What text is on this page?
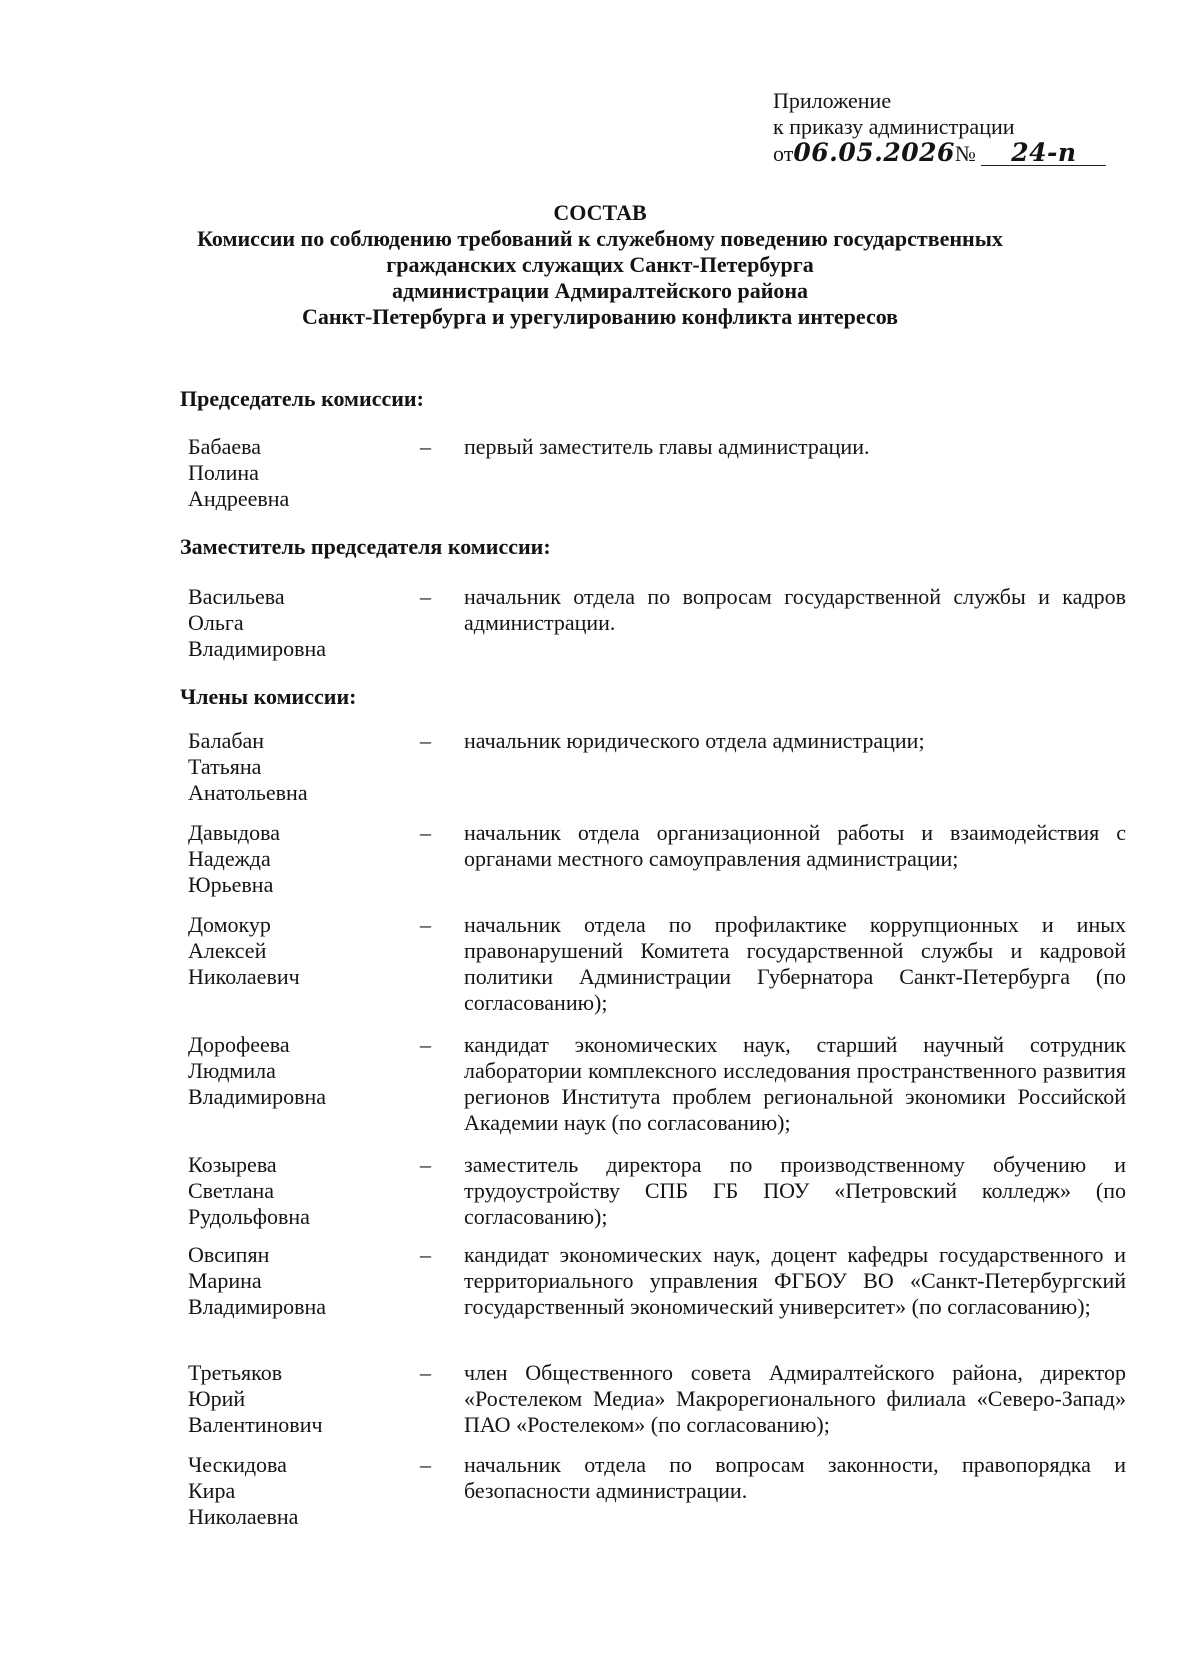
Приложение
к приказу администрации
от06.05.2026№ 24-п
СОСТАВ
Комиссии по соблюдению требований к служебному поведению государственных
гражданских служащих Санкт-Петербурга
администрации Адмиралтейского района
Санкт-Петербурга и урегулированию конфликта интересов
Председатель комиссии:
Бабаева
Полина
Андреевна
–	первый заместитель главы администрации.
Заместитель председателя комиссии:
Васильева
Ольга
Владимировна
–	начальник отдела по вопросам государственной службы и кадров администрации.
Члены комиссии:
Балабан
Татьяна
Анатольевна
–	начальник юридического отдела администрации;
Давыдова
Надежда
Юрьевна
–	начальник отдела организационной работы и взаимодействия с органами местного самоуправления администрации;
Домокур
Алексей
Николаевич
–	начальник отдела по профилактике коррупционных и иных правонарушений Комитета государственной службы и кадровой политики Администрации Губернатора Санкт-Петербурга (по согласованию);
Дорофеева
Людмила
Владимировна
–	кандидат экономических наук, старший научный сотрудник лаборатории комплексного исследования пространственного развития регионов Института проблем региональной экономики Российской Академии наук (по согласованию);
Козырева
Светлана
Рудольфовна
–	заместитель директора по производственному обучению и трудоустройству СПБ ГБ ПОУ «Петровский колледж» (по согласованию);
Овсипян
Марина
Владимировна
–	кандидат экономических наук, доцент кафедры государственного и территориального управления ФГБОУ ВО «Санкт-Петербургский государственный экономический университет» (по согласованию);
Третьяков
Юрий
Валентинович
–	член Общественного совета Адмиралтейского района, директор «Ростелеком Медиа» Макрорегионального филиала «Северо-Запад» ПАО «Ростелеком» (по согласованию);
Ческидова
Кира
Николаевна
–	начальник отдела по вопросам законности, правопорядка и безопасности администрации.
